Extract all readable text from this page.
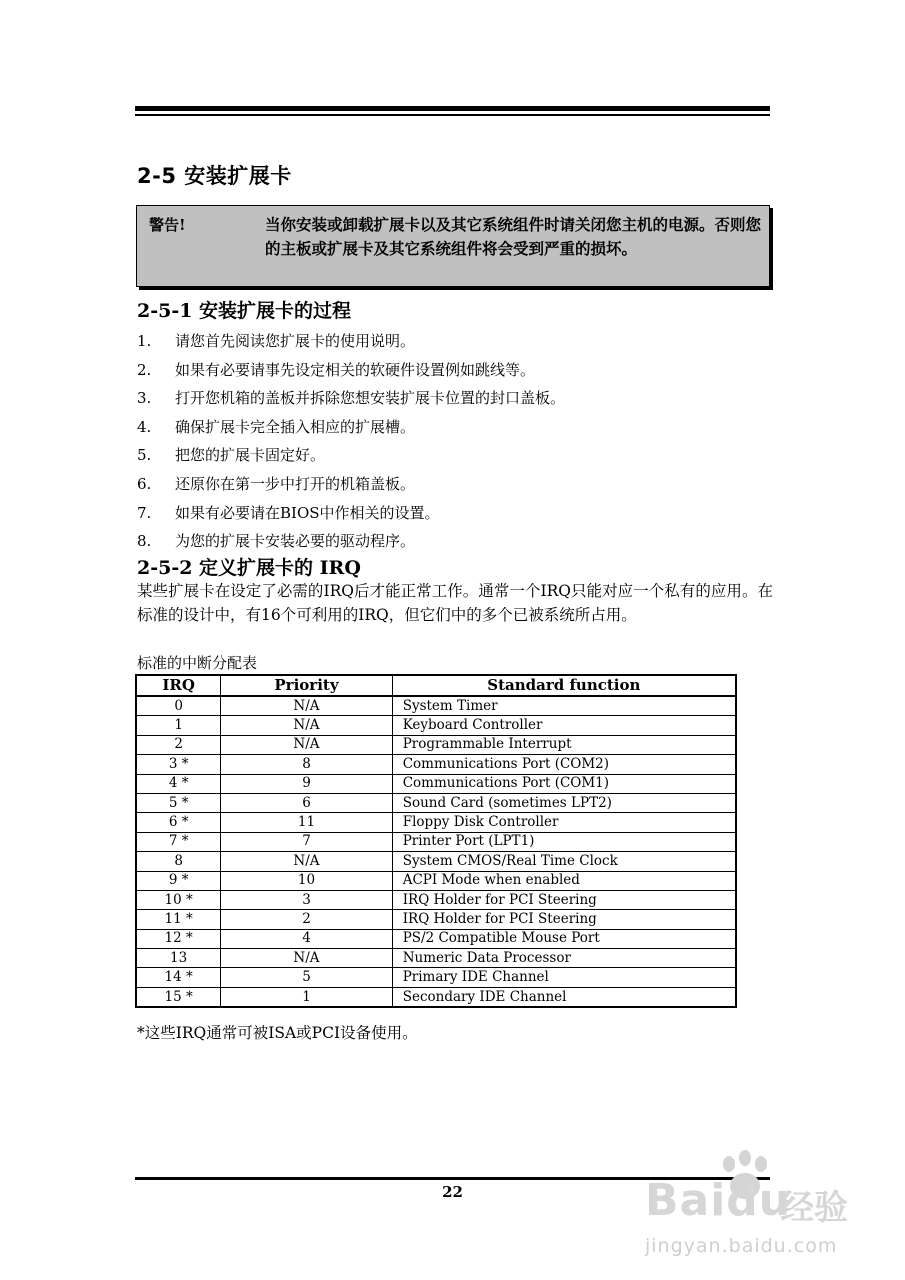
2-5 安装扩展卡
警告!	当你安装或卸载扩展卡以及其它系统组件时请关闭您主机的电源。否则您的主板或扩展卡及其它系统组件将会受到严重的损坏。
2-5-1 安装扩展卡的过程
1. 请您首先阅读您扩展卡的使用说明。
2. 如果有必要请事先设定相关的软硬件设置例如跳线等。
3. 打开您机箱的盖板并拆除您想安装扩展卡位置的封口盖板。
4. 确保扩展卡完全插入相应的扩展槽。
5. 把您的扩展卡固定好。
6. 还原你在第一步中打开的机箱盖板。
7. 如果有必要请在BIOS中作相关的设置。
8. 为您的扩展卡安装必要的驱动程序。
2-5-2 定义扩展卡的 IRQ
某些扩展卡在设定了必需的IRQ后才能正常工作。通常一个IRQ只能对应一个私有的应用。在标准的设计中，有16个可利用的IRQ，但它们中的多个已被系统所占用。
标准的中断分配表
IRQ	Priority	Standard function
0	N/A	System Timer
1	N/A	Keyboard Controller
2	N/A	Programmable Interrupt
3 *	8	Communications Port (COM2)
4 *	9	Communications Port (COM1)
5 *	6	Sound Card (sometimes LPT2)
6 *	11	Floppy Disk Controller
7 *	7	Printer Port (LPT1)
8	N/A	System CMOS/Real Time Clock
9 *	10	ACPI Mode when enabled
10 *	3	IRQ Holder for PCI Steering
11 *	2	IRQ Holder for PCI Steering
12 *	4	PS/2 Compatible Mouse Port
13	N/A	Numeric Data Processor
14 *	5	Primary IDE Channel
15 *	1	Secondary IDE Channel
*这些IRQ通常可被ISA或PCI设备使用。
22	Baidu
经验
jingyan.baidu.com
